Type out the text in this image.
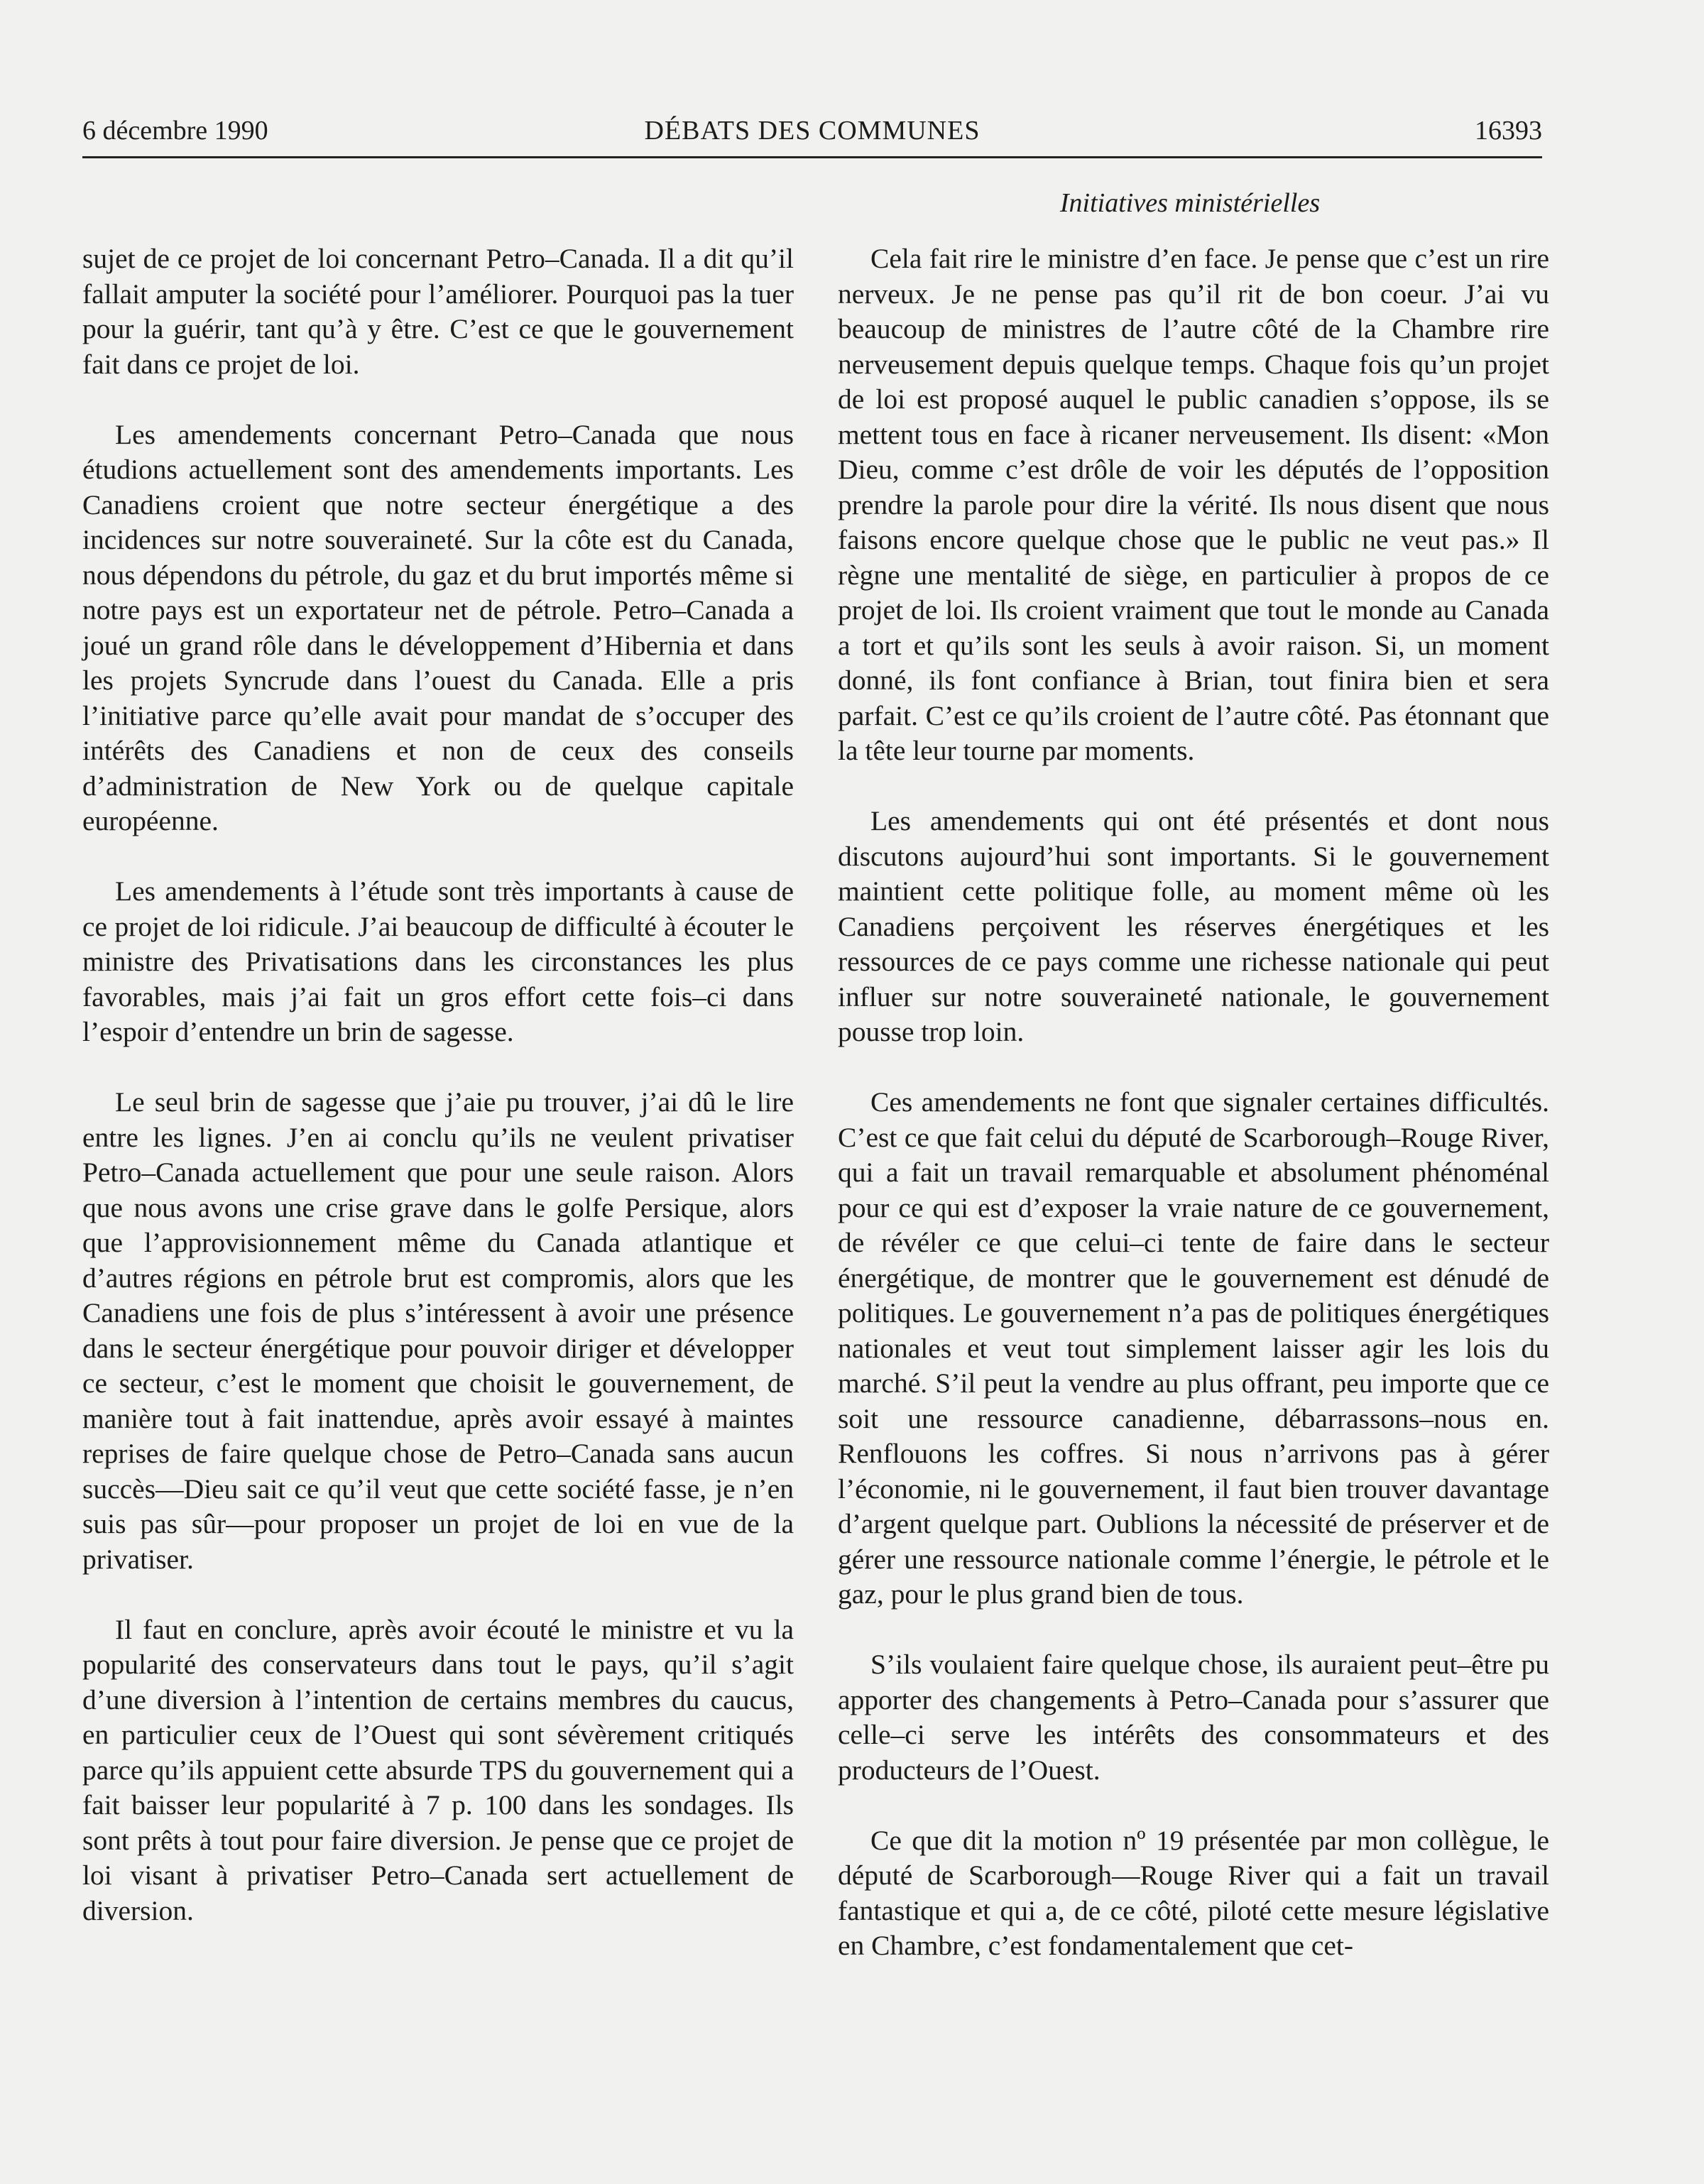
6 décembre 1990	DÉBATS DES COMMUNES	16393
Initiatives ministérielles

sujet de ce projet de loi concernant Petro–Canada. Il a dit qu’il fallait amputer la société pour l’améliorer. Pourquoi pas la tuer pour la guérir, tant qu’à y être. C’est ce que le gouvernement fait dans ce projet de loi.

Les amendements concernant Petro–Canada que nous étudions actuellement sont des amendements importants. Les Canadiens croient que notre secteur énergétique a des incidences sur notre souveraineté. Sur la côte est du Canada, nous dépendons du pétrole, du gaz et du brut importés même si notre pays est un exportateur net de pétrole. Petro–Canada a joué un grand rôle dans le développement d’Hibernia et dans les projets Syncrude dans l’ouest du Canada. Elle a pris l’initiative parce qu’elle avait pour mandat de s’occuper des intérêts des Canadiens et non de ceux des conseils d’administration de New York ou de quelque capitale européenne.

Les amendements à l’étude sont très importants à cause de ce projet de loi ridicule. J’ai beaucoup de difficulté à écouter le ministre des Privatisations dans les circonstances les plus favorables, mais j’ai fait un gros effort cette fois–ci dans l’espoir d’entendre un brin de sagesse.

Le seul brin de sagesse que j’aie pu trouver, j’ai dû le lire entre les lignes. J’en ai conclu qu’ils ne veulent privatiser Petro–Canada actuellement que pour une seule raison. Alors que nous avons une crise grave dans le golfe Persique, alors que l’approvisionnement même du Canada atlantique et d’autres régions en pétrole brut est compromis, alors que les Canadiens une fois de plus s’intéressent à avoir une présence dans le secteur énergétique pour pouvoir diriger et développer ce secteur, c’est le moment que choisit le gouvernement, de manière tout à fait inattendue, après avoir essayé à maintes reprises de faire quelque chose de Petro–Canada sans aucun succès—Dieu sait ce qu’il veut que cette société fasse, je n’en suis pas sûr—pour proposer un projet de loi en vue de la privatiser.

Il faut en conclure, après avoir écouté le ministre et vu la popularité des conservateurs dans tout le pays, qu’il s’agit d’une diversion à l’intention de certains membres du caucus, en particulier ceux de l’Ouest qui sont sévèrement critiqués parce qu’ils appuient cette absurde TPS du gouvernement qui a fait baisser leur popularité à 7 p. 100 dans les sondages. Ils sont prêts à tout pour faire diversion. Je pense que ce projet de loi visant à privatiser Petro–Canada sert actuellement de diversion.

Cela fait rire le ministre d’en face. Je pense que c’est un rire nerveux. Je ne pense pas qu’il rit de bon coeur. J’ai vu beaucoup de ministres de l’autre côté de la Chambre rire nerveusement depuis quelque temps. Chaque fois qu’un projet de loi est proposé auquel le public canadien s’oppose, ils se mettent tous en face à ricaner nerveusement. Ils disent: «Mon Dieu, comme c’est drôle de voir les députés de l’opposition prendre la parole pour dire la vérité. Ils nous disent que nous faisons encore quelque chose que le public ne veut pas.» Il règne une mentalité de siège, en particulier à propos de ce projet de loi. Ils croient vraiment que tout le monde au Canada a tort et qu’ils sont les seuls à avoir raison. Si, un moment donné, ils font confiance à Brian, tout finira bien et sera parfait. C’est ce qu’ils croient de l’autre côté. Pas étonnant que la tête leur tourne par moments.

Les amendements qui ont été présentés et dont nous discutons aujourd’hui sont importants. Si le gouvernement maintient cette politique folle, au moment même où les Canadiens perçoivent les réserves énergétiques et les ressources de ce pays comme une richesse nationale qui peut influer sur notre souveraineté nationale, le gouvernement pousse trop loin.

Ces amendements ne font que signaler certaines difficultés. C’est ce que fait celui du député de Scarborough–Rouge River, qui a fait un travail remarquable et absolument phénoménal pour ce qui est d’exposer la vraie nature de ce gouvernement, de révéler ce que celui–ci tente de faire dans le secteur énergétique, de montrer que le gouvernement est dénudé de politiques. Le gouvernement n’a pas de politiques énergétiques nationales et veut tout simplement laisser agir les lois du marché. S’il peut la vendre au plus offrant, peu importe que ce soit une ressource canadienne, débarrassons–nous en. Renflouons les coffres. Si nous n’arrivons pas à gérer l’économie, ni le gouvernement, il faut bien trouver davantage d’argent quelque part. Oublions la nécessité de préserver et de gérer une ressource nationale comme l’énergie, le pétrole et le gaz, pour le plus grand bien de tous.

S’ils voulaient faire quelque chose, ils auraient peut–être pu apporter des changements à Petro–Canada pour s’assurer que celle–ci serve les intérêts des consommateurs et des producteurs de l’Ouest.

Ce que dit la motion nº 19 présentée par mon collègue, le député de Scarborough—Rouge River qui a fait un travail fantastique et qui a, de ce côté, piloté cette mesure législative en Chambre, c’est fondamentalement que cet-
